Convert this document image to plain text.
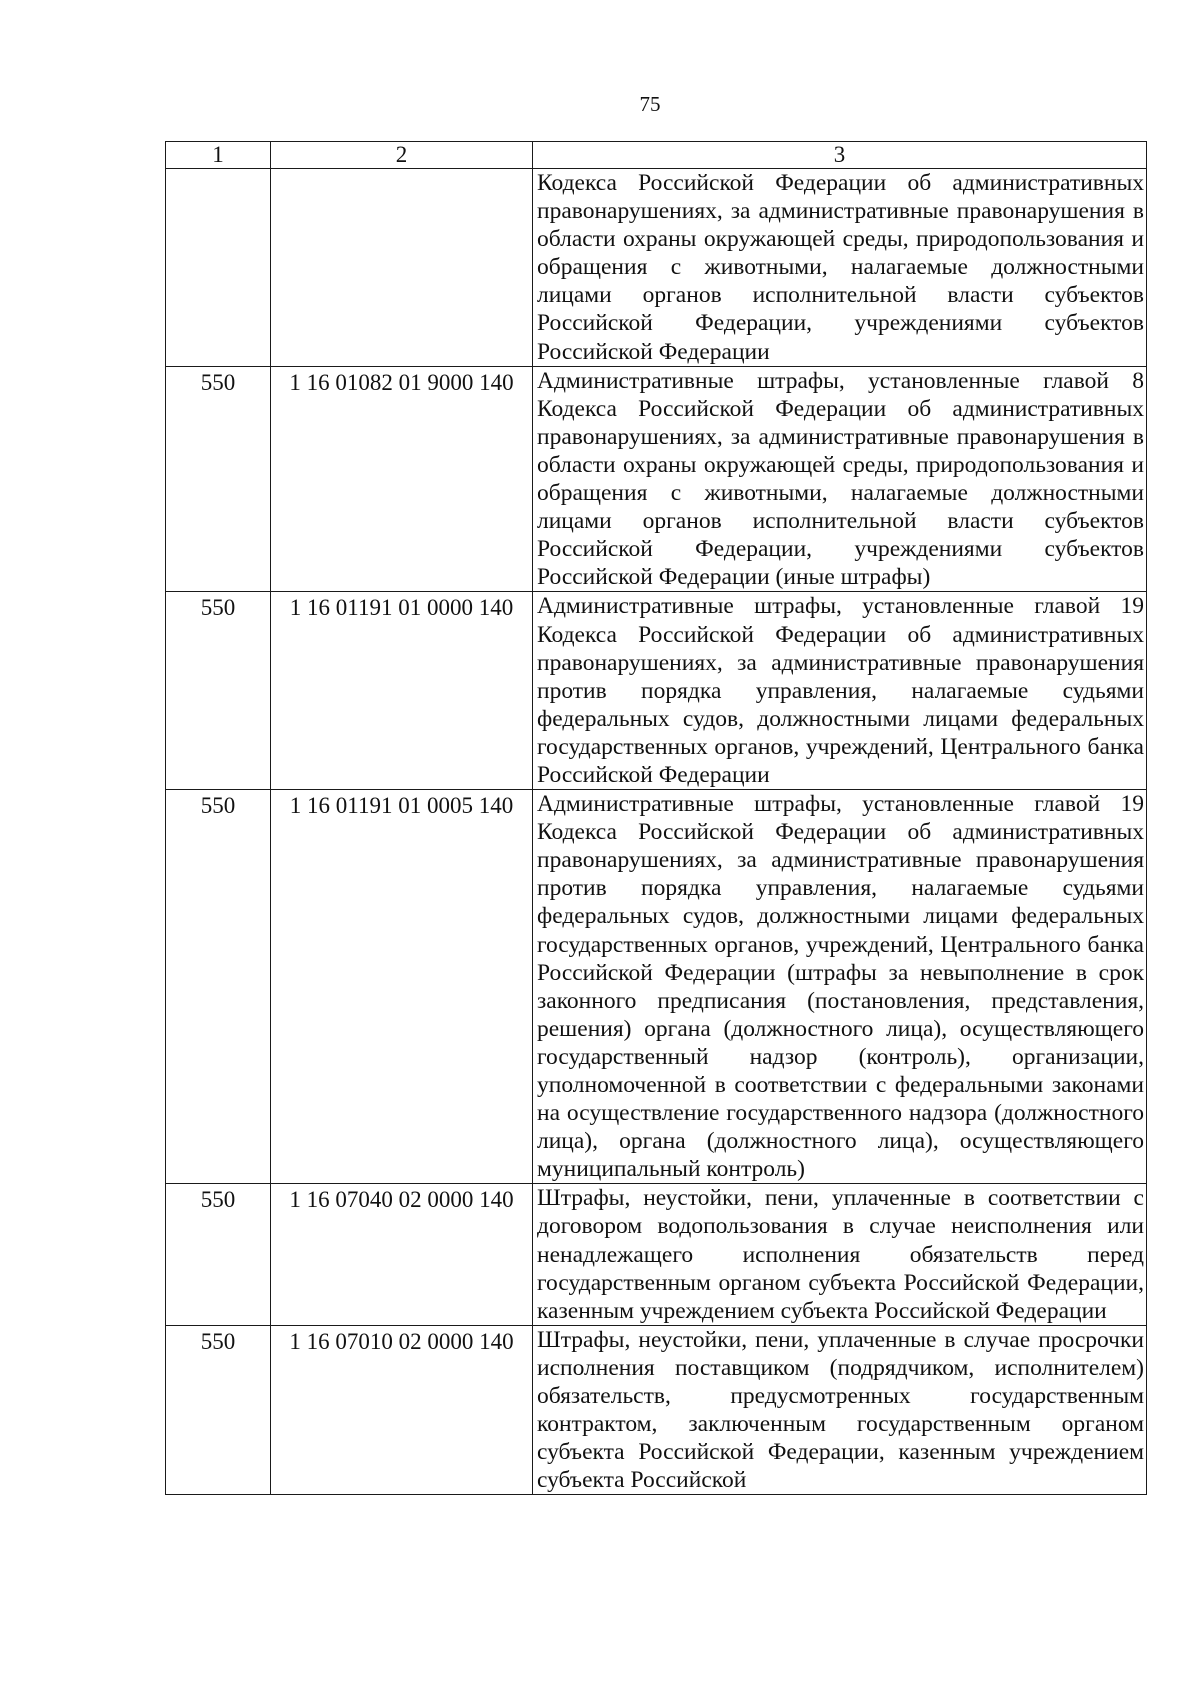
75
1	2	3
		Кодекса Российской Федерации об административных правонарушениях, за административные правонарушения в области охраны окружающей среды, природопользования и обращения с животными, налагаемые должностными лицами органов исполнительной власти субъектов Российской Федерации, учреждениями субъектов Российской Федерации
550	1 16 01082 01 9000 140	Административные штрафы, установленные главой 8 Кодекса Российской Федерации об административных правонарушениях, за административные правонарушения в области охраны окружающей среды, природопользования и обращения с животными, налагаемые должностными лицами органов исполнительной власти субъектов Российской Федерации, учреждениями субъектов Российской Федерации (иные штрафы)
550	1 16 01191 01 0000 140	Административные штрафы, установленные главой 19 Кодекса Российской Федерации об административных правонарушениях, за административные правонарушения против порядка управления, налагаемые судьями федеральных судов, должностными лицами федеральных государственных органов, учреждений, Центрального банка Российской Федерации
550	1 16 01191 01 0005 140	Административные штрафы, установленные главой 19 Кодекса Российской Федерации об административных правонарушениях, за административные правонарушения против порядка управления, налагаемые судьями федеральных судов, должностными лицами федеральных государственных органов, учреждений, Центрального банка Российской Федерации (штрафы за невыполнение в срок законного предписания (постановления, представления, решения) органа (должностного лица), осуществляющего государственный надзор (контроль), организации, уполномоченной в соответствии с федеральными законами на осуществление государственного надзора (должностного лица), органа (должностного лица), осуществляющего муниципальный контроль)
550	1 16 07040 02 0000 140	Штрафы, неустойки, пени, уплаченные в соответствии с договором водопользования в случае неисполнения или ненадлежащего исполнения обязательств перед государственным органом субъекта Российской Федерации, казенным учреждением субъекта Российской Федерации
550	1 16 07010 02 0000 140	Штрафы, неустойки, пени, уплаченные в случае просрочки исполнения поставщиком (подрядчиком, исполнителем) обязательств, предусмотренных государственным контрактом, заключенным государственным органом субъекта Российской Федерации, казенным учреждением субъекта Российской
